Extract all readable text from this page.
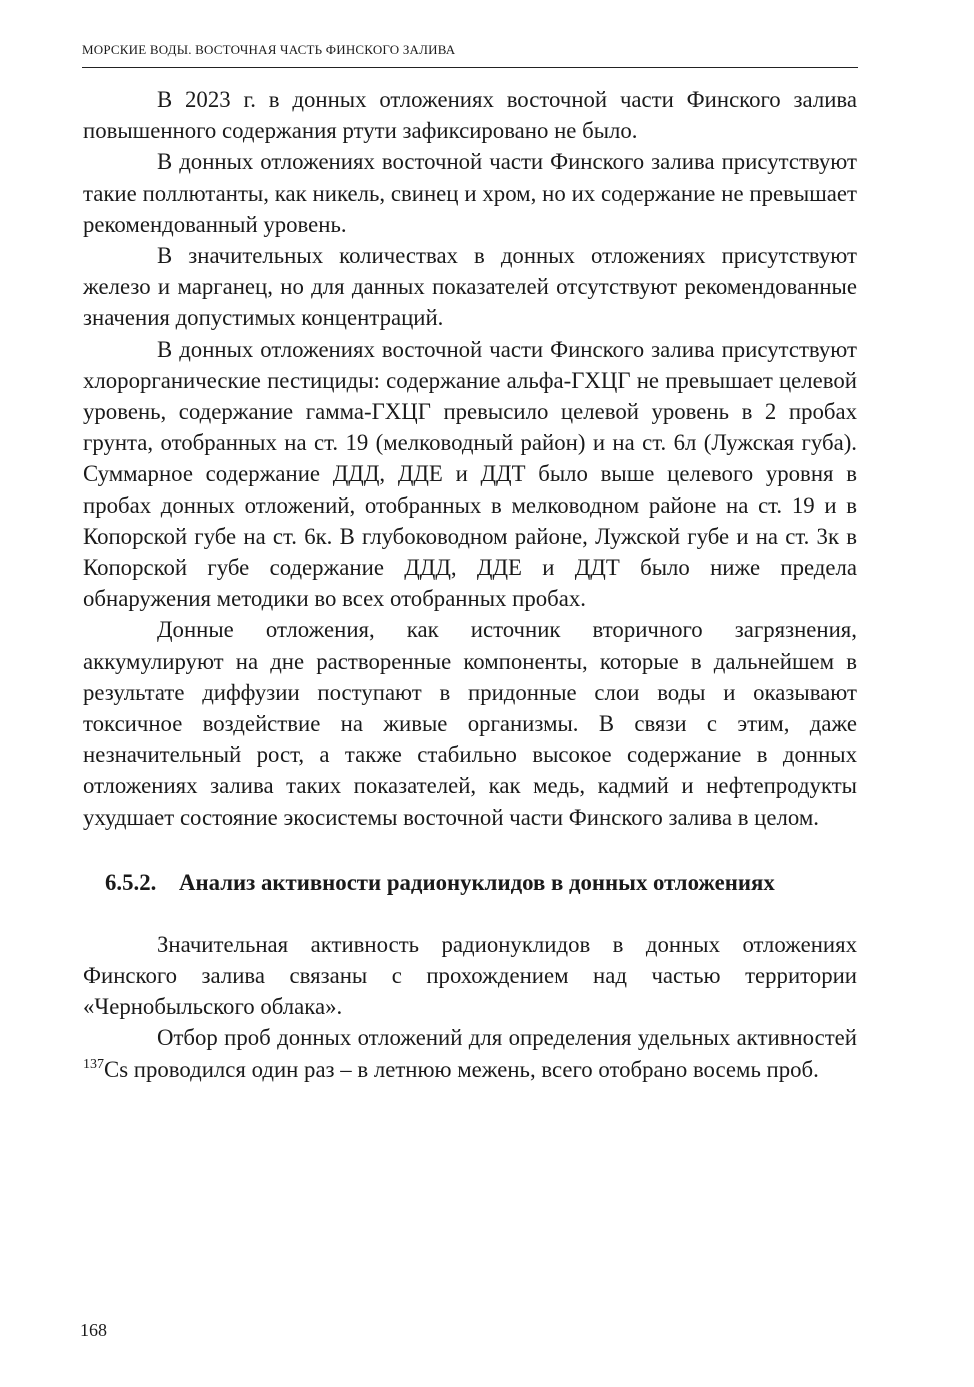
МОРСКИЕ ВОДЫ. ВОСТОЧНАЯ ЧАСТЬ ФИНСКОГО ЗАЛИВА

В 2023 г. в донных отложениях восточной части Финского залива повышенного содержания ртути зафиксировано не было.

В донных отложениях восточной части Финского залива присутствуют такие поллютанты, как никель, свинец и хром, но их содержание не превышает рекомендованный уровень.

В значительных количествах в донных отложениях присутствуют железо и марганец, но для данных показателей отсутствуют рекомендованные значения допустимых концентраций.

В донных отложениях восточной части Финского залива присутствуют хлорорганические пестициды: содержание альфа-ГХЦГ не превышает целевой уровень, содержание гамма-ГХЦГ превысило целевой уровень в 2 пробах грунта, отобранных на ст. 19 (мелководный район) и на ст. 6л (Лужская губа). Суммарное содержание ДДД, ДДЕ и ДДТ было выше целевого уровня в пробах донных отложений, отобранных в мелководном районе на ст. 19 и в Копорской губе на ст. 6к. В глубоководном районе, Лужской губе и на ст. 3к в Копорской губе содержание ДДД, ДДЕ и ДДТ было ниже предела обнаружения методики во всех отобранных пробах.

Донные отложения, как источник вторичного загрязнения, аккумулируют на дне растворенные компоненты, которые в дальнейшем в результате диффузии поступают в придонные слои воды и оказывают токсичное воздействие на живые организмы. В связи с этим, даже незначительный рост, а также стабильно высокое содержание в донных отложениях залива таких показателей, как медь, кадмий и нефтепродукты ухудшает состояние экосистемы восточной части Финского залива в целом.

6.5.2. Анализ активности радионуклидов в донных отложениях

Значительная активность радионуклидов в донных отложениях Финского залива связаны с прохождением над частью территории «Чернобыльского облака».

Отбор проб донных отложений для определения удельных активностей $^{137}$Cs проводился один раз – в летнюю межень, всего отобрано восемь проб.

168
